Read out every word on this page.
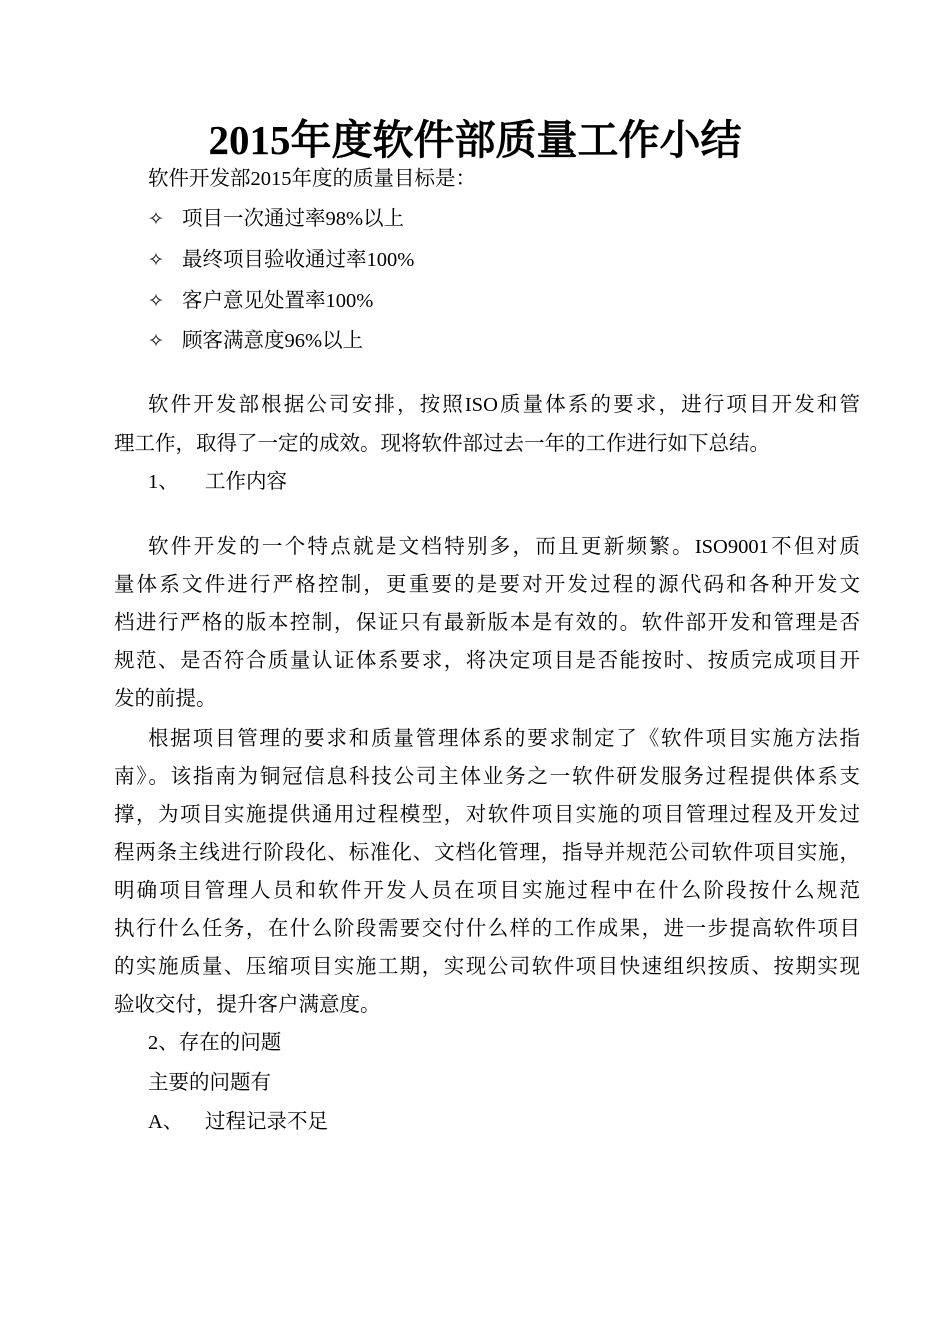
2015年度软件部质量工作小结
软件开发部2015年度的质量目标是：
✧ 项目一次通过率98%以上
✧ 最终项目验收通过率100%
✧ 客户意见处置率100%
✧ 顾客满意度96%以上
软件开发部根据公司安排，按照ISO质量体系的要求，进行项目开发和管
理工作，取得了一定的成效。现将软件部过去一年的工作进行如下总结。
1、 工作内容
软件开发的一个特点就是文档特别多，而且更新频繁。ISO9001不但对质
量体系文件进行严格控制，更重要的是要对开发过程的源代码和各种开发文
档进行严格的版本控制，保证只有最新版本是有效的。软件部开发和管理是否
规范、是否符合质量认证体系要求，将决定项目是否能按时、按质完成项目开
发的前提。
根据项目管理的要求和质量管理体系的要求制定了《软件项目实施方法指
南》。该指南为铜冠信息科技公司主体业务之一软件研发服务过程提供体系支
撑，为项目实施提供通用过程模型，对软件项目实施的项目管理过程及开发过
程两条主线进行阶段化、标准化、文档化管理，指导并规范公司软件项目实施，
明确项目管理人员和软件开发人员在项目实施过程中在什么阶段按什么规范
执行什么任务，在什么阶段需要交付什么样的工作成果，进一步提高软件项目
的实施质量、压缩项目实施工期，实现公司软件项目快速组织按质、按期实现
验收交付，提升客户满意度。
2、存在的问题
主要的问题有
A、 过程记录不足
